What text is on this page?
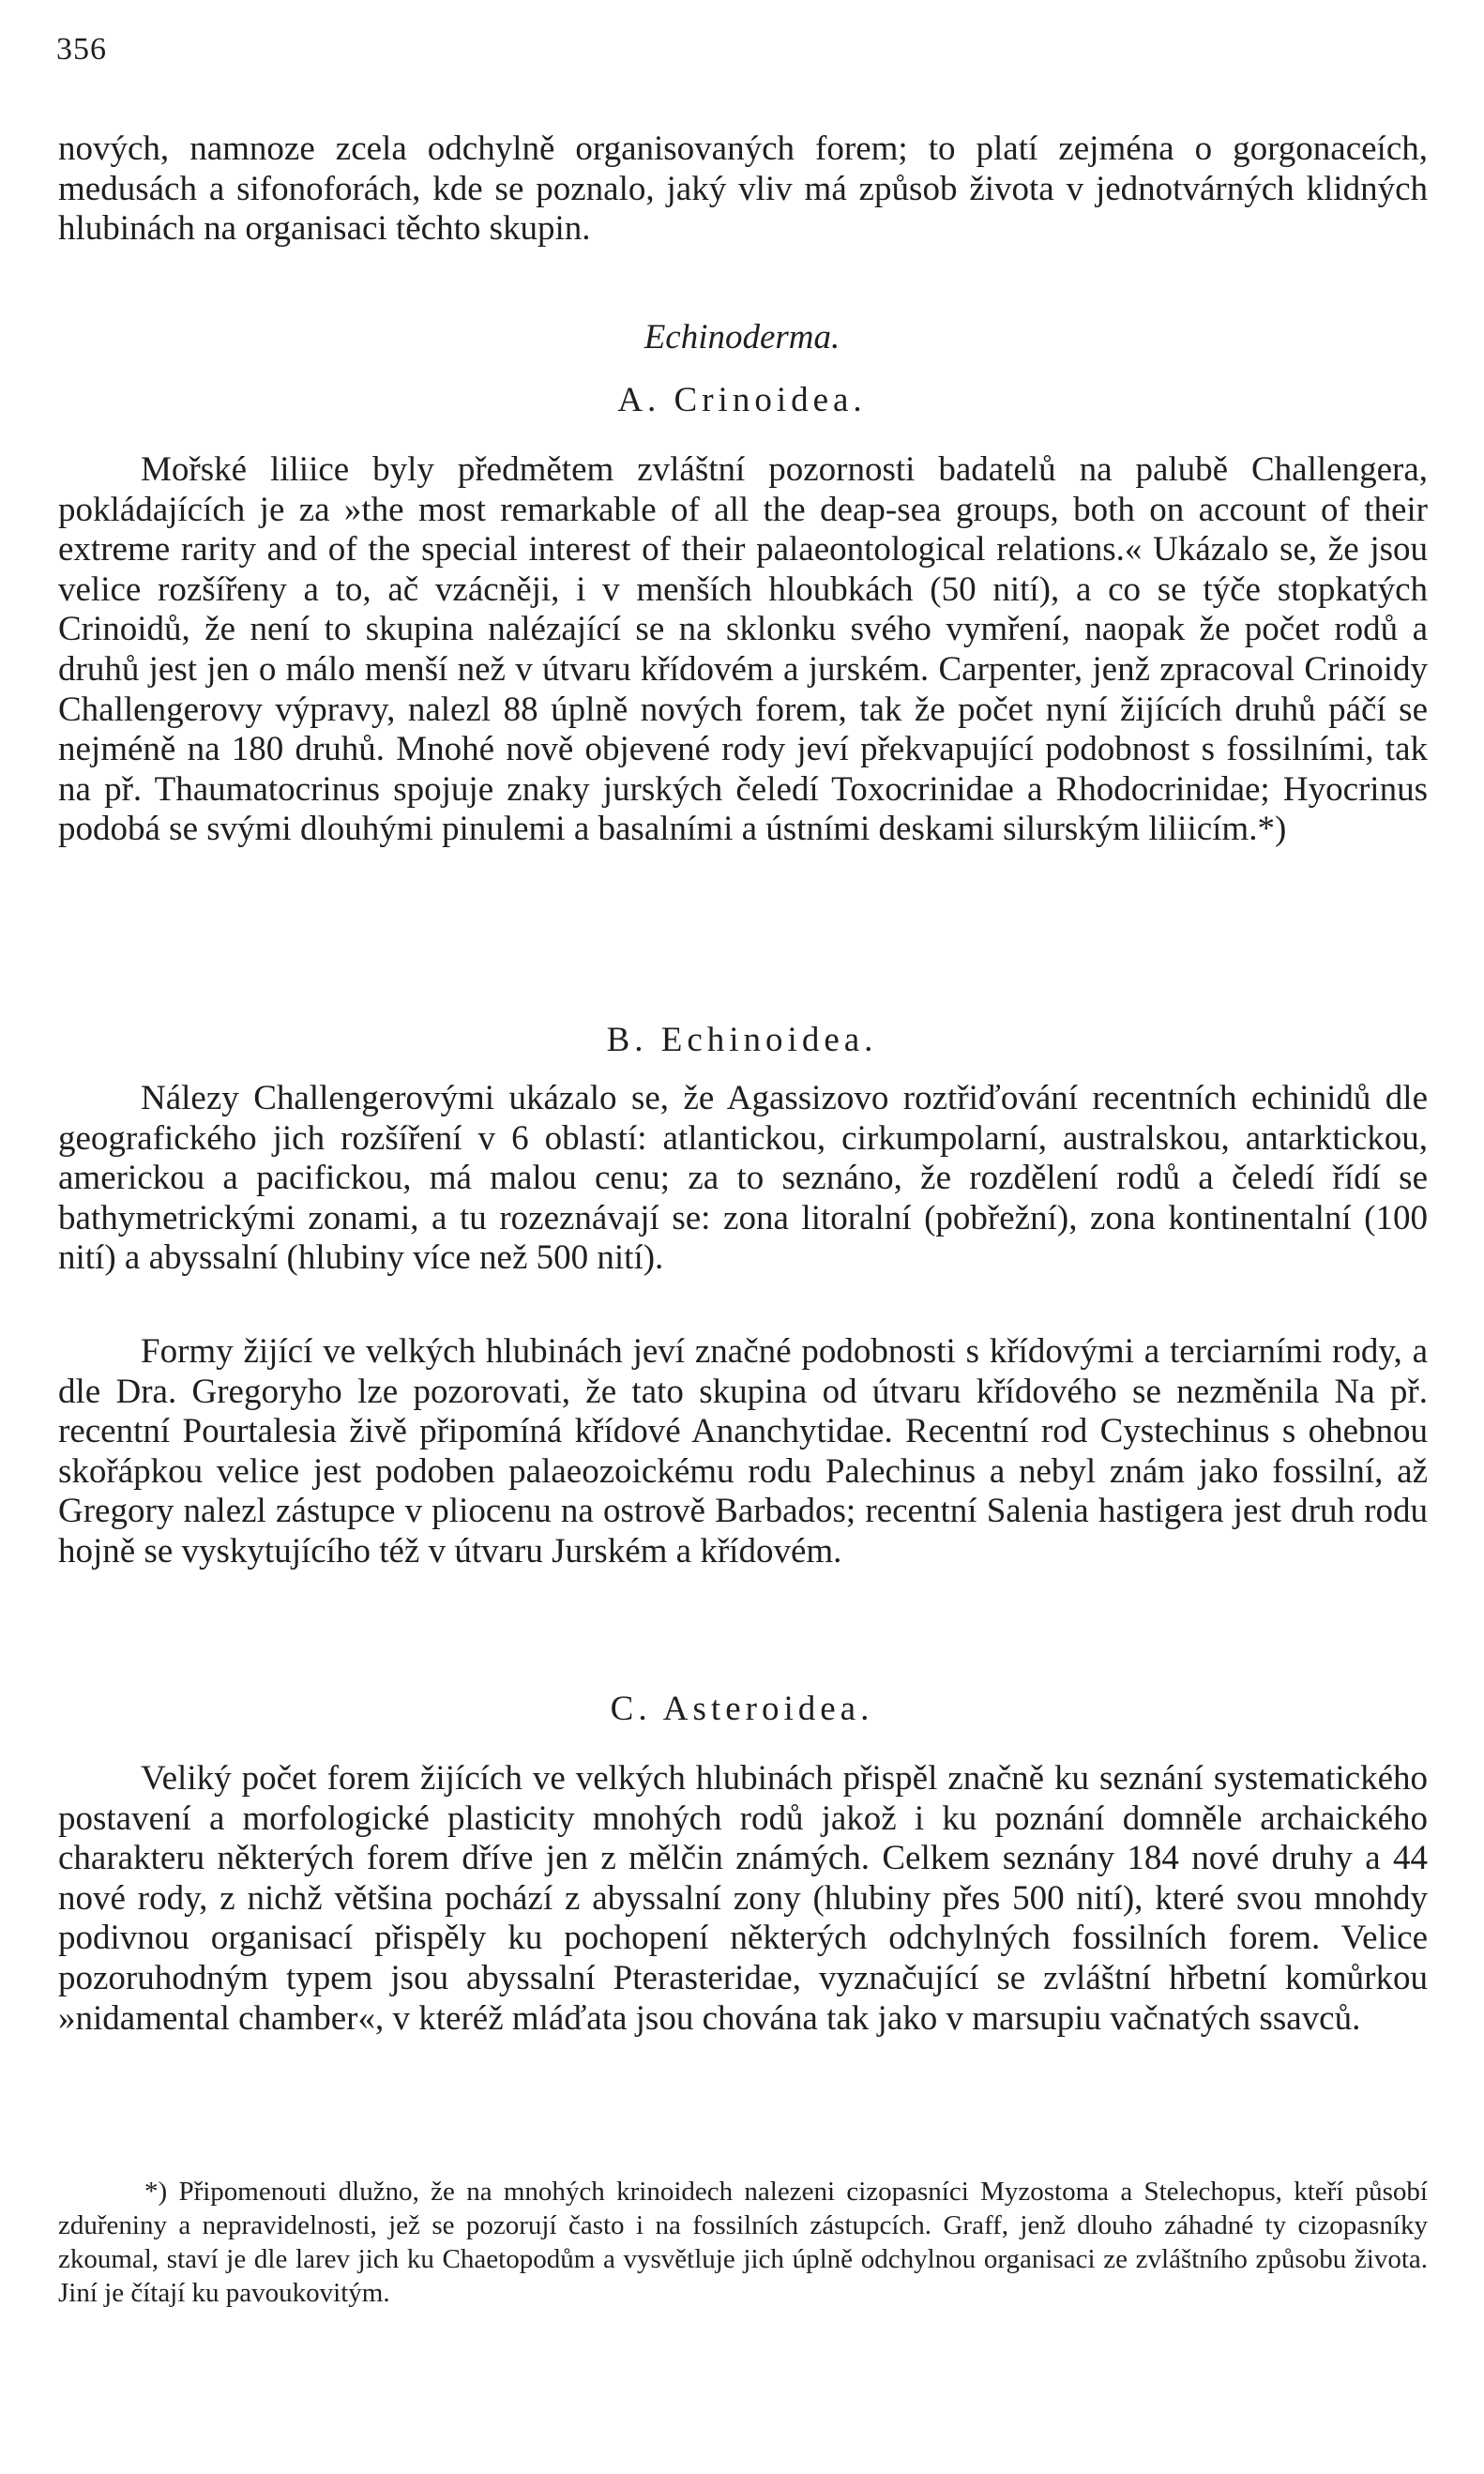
356

nových, namnoze zcela odchylně organisovaných forem; to platí zejména o gorgonaceích, medusách a sifonoforách, kde se poznalo, jaký vliv má způsob života v jednotvárných klidných hlubinách na organisaci těchto skupin.

Echinoderma.

A. Crinoidea.

Mořské liliice byly předmětem zvláštní pozornosti badatelů na palubě Challengera, pokládajících je za »the most remarkable of all the deap-sea groups, both on account of their extreme rarity and of the special interest of their palaeontological relations.« Ukázalo se, že jsou velice rozšířeny a to, ač vzácněji, i v menších hloubkách (50 nití), a co se týče stopkatých Crinoidů, že není to skupina nalézající se na sklonku svého vymření, naopak že počet rodů a druhů jest jen o málo menší než v útvaru křídovém a jurském. Carpenter, jenž zpracoval Crinoidy Challengerovy výpravy, nalezl 88 úplně nových forem, tak že počet nyní žijících druhů páčí se nejméně na 180 druhů. Mnohé nově objevené rody jeví překvapující podobnost s fossilními, tak na př. Thaumatocrinus spojuje znaky jurských čeledí Toxocrinidae a Rhodocrinidae; Hyocrinus podobá se svými dlouhými pinulemi a basalními a ústními deskami silurským liliicím.*)

B. Echinoidea.

Nálezy Challengerovými ukázalo se, že Agassizovo roztřiďování recentních echinidů dle geografického jich rozšíření v 6 oblastí: atlantickou, cirkumpolarní, australskou, antarktickou, americkou a pacifickou, má malou cenu; za to seznáno, že rozdělení rodů a čeledí řídí se bathymetrickými zonami, a tu rozeznávají se: zona litoralní (pobřežní), zona kontinentalní (100 nití) a abyssalní (hlubiny více než 500 nití).

Formy žijící ve velkých hlubinách jeví značné podobnosti s křídovými a terciarními rody, a dle Dra. Gregoryho lze pozorovati, že tato skupina od útvaru křídového se nezměnila Na př. recentní Pourtalesia živě připomíná křídové Ananchytidae. Recentní rod Cystechinus s ohebnou skořápkou velice jest podoben palaeozoickému rodu Palechinus a nebyl znám jako fossilní, až Gregory nalezl zástupce v pliocenu na ostrově Barbados; recentní Salenia hastigera jest druh rodu hojně se vyskytujícího též v útvaru Jurském a křídovém.

C. Asteroidea.

Veliký počet forem žijících ve velkých hlubinách přispěl značně ku seznání systematického postavení a morfologické plasticity mnohých rodů jakož i ku poznání domněle archaického charakteru některých forem dříve jen z mělčin známých. Celkem seznány 184 nové druhy a 44 nové rody, z nichž většina pochází z abyssalní zony (hlubiny přes 500 nití), které svou mnohdy podivnou organisací přispěly ku pochopení některých odchylných fossilních forem. Velice pozoruhodným typem jsou abyssalní Pterasteridae, vyznačující se zvláštní hřbetní komůrkou »nidamental chamber«, v kteréž mláďata jsou chována tak jako v marsupiu vačnatých ssavců.

*) Připomenouti dlužno, že na mnohých krinoidech nalezeni cizopasníci Myzostoma a Stelechopus, kteří působí zduřeniny a nepravidelnosti, jež se pozorují často i na fossilních zástupcích. Graff, jenž dlouho záhadné ty cizopasníky zkoumal, staví je dle larev jich ku Chaetopodům a vysvětluje jich úplně odchylnou organisaci ze zvláštního způsobu života. Jiní je čítají ku pavoukovitým.
